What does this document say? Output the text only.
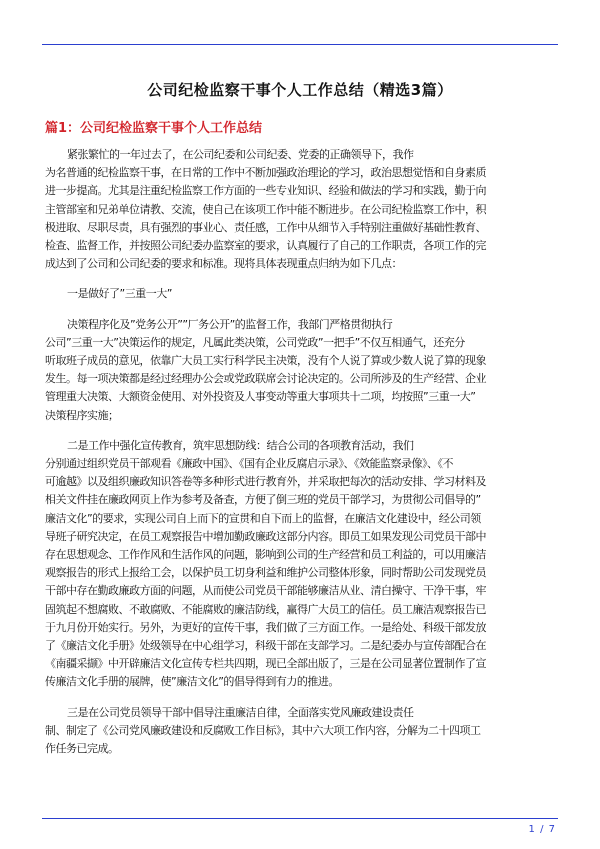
公司纪检监察干事个人工作总结（精选3篇）
篇1：公司纪检监察干事个人工作总结

紧张繁忙的一年过去了，在公司纪委和公司纪委、党委的正确领导下，我作
为名普通的纪检监察干事，在日常的工作中不断加强政治理论的学习，政治思想觉悟和自身素质
进一步提高。尤其是注重纪检监察工作方面的一些专业知识、经验和做法的学习和实践，勤于向
主管部室和兄弟单位请教、交流，使自己在该项工作中能不断进步。在公司纪检监察工作中，积
极进取、尽职尽责，具有强烈的事业心、责任感，工作中从细节入手特别注重做好基础性教育、
检查、监督工作，并按照公司纪委办监察室的要求，认真履行了自己的工作职责，各项工作的完
成达到了公司和公司纪委的要求和标准。现将具体表现重点归纳为如下几点：

一是做好了”三重一大”

决策程序化及”党务公开””厂务公开”的监督工作，我部门严格贯彻执行
公司”三重一大”决策运作的规定，凡属此类决策，公司党政”一把手”不仅互相通气，还充分
听取班子成员的意见，依靠广大员工实行科学民主决策，没有个人说了算或少数人说了算的现象
发生。每一项决策都是经过经理办公会或党政联席会讨论决定的。公司所涉及的生产经营、企业
管理重大决策、大额资金使用、对外投资及人事变动等重大事项共十二项，均按照”三重一大”
决策程序实施；

二是工作中强化宣传教育，筑牢思想防线：结合公司的各项教育活动，我们
分别通过组织党员干部观看《廉政中国》、《国有企业反腐启示录》、《效能监察录像》、《不
可逾越》以及组织廉政知识答卷等多种形式进行教育外，并采取把每次的活动安排、学习材料及
相关文件挂在廉政网页上作为参考及备查，方便了倒三班的党员干部学习，为贯彻公司倡导的”
廉洁文化”的要求，实现公司自上而下的宣贯和自下而上的监督，在廉洁文化建设中，经公司领
导班子研究决定，在员工观察报告中增加勤政廉政这部分内容。即员工如果发现公司党员干部中
存在思想观念、工作作风和生活作风的问题，影响到公司的生产经营和员工利益的，可以用廉洁
观察报告的形式上报给工会，以保护员工切身利益和维护公司整体形象，同时帮助公司发现党员
干部中存在勤政廉政方面的问题，从而使公司党员干部能够廉洁从业、清白操守、干净干事，牢
固筑起不想腐败、不敢腐败、不能腐败的廉洁防线，赢得广大员工的信任。员工廉洁观察报告已
于九月份开始实行。另外，为更好的宣传干事，我们做了三方面工作。一是给处、科级干部发放
了《廉洁文化手册》处级领导在中心组学习，科级干部在支部学习。二是纪委办与宣传部配合在
《南疆采撷》中开辟廉洁文化宣传专栏共四期，现已全部出版了，三是在公司显著位置制作了宣
传廉洁文化手册的展牌，使”廉洁文化”的倡导得到有力的推进。

三是在公司党员领导干部中倡导注重廉洁自律，全面落实党风廉政建设责任
制、制定了《公司党风廉政建设和反腐败工作目标》，其中六大项工作内容，分解为二十四项工
作任务已完成。

1 / 7
